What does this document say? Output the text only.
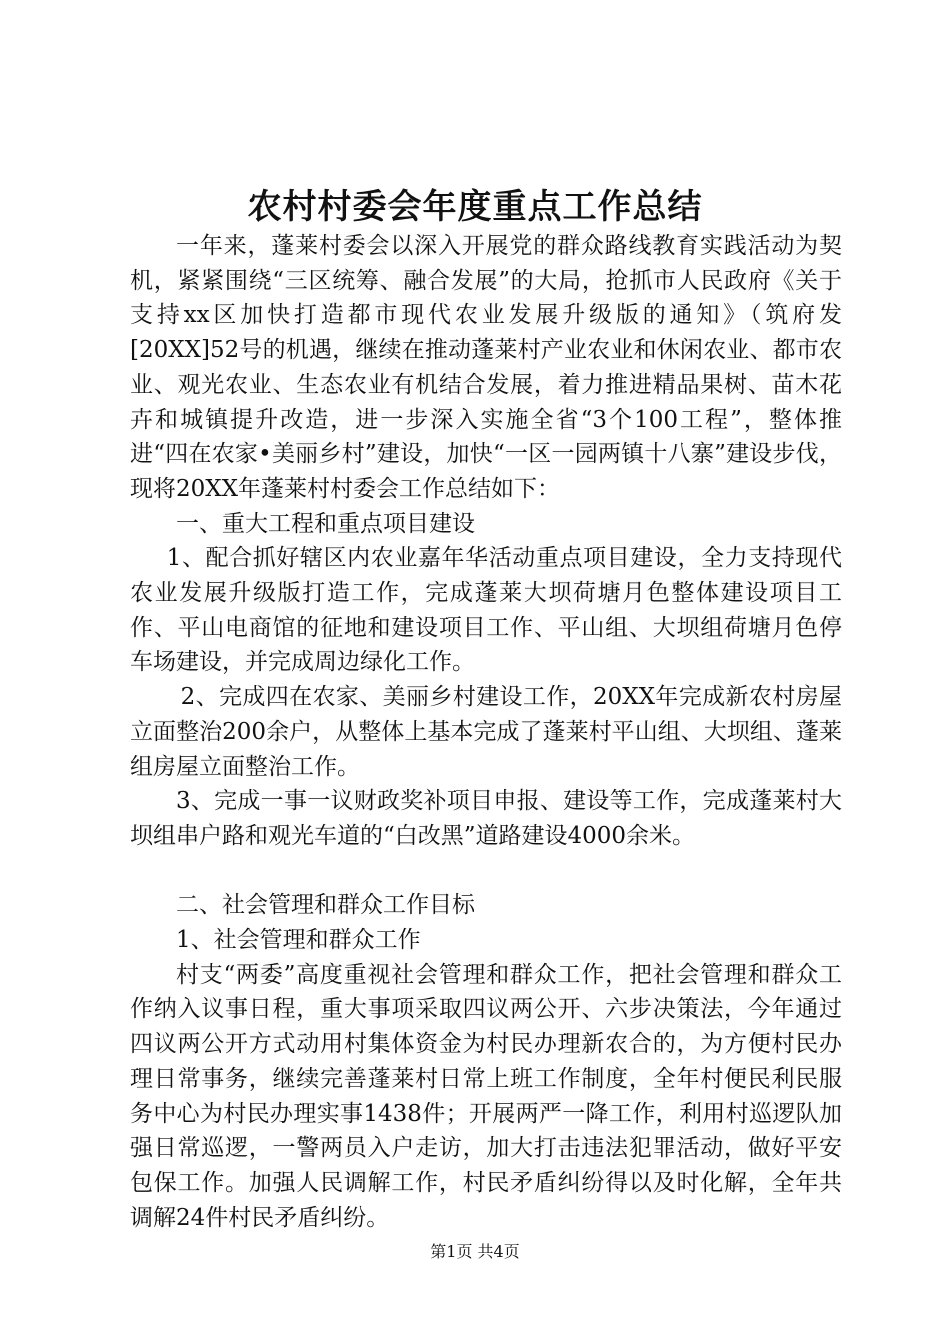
农村村委会年度重点工作总结

一年来，蓬莱村委会以深入开展党的群众路线教育实践活动为契机，紧紧围绕“三区统筹、融合发展”的大局，抢抓市人民政府《关于支持xx区加快打造都市现代农业发展升级版的通知》（筑府发[20XX]52号的机遇，继续在推动蓬莱村产业农业和休闲农业、都市农业、观光农业、生态农业有机结合发展，着力推进精品果树、苗木花卉和城镇提升改造，进一步深入实施全省“3个100工程”，整体推进“四在农家•美丽乡村”建设，加快“一区一园两镇十八寨”建设步伐，现将20XX年蓬莱村村委会工作总结如下：

一、重大工程和重点项目建设

1、配合抓好辖区内农业嘉年华活动重点项目建设，全力支持现代农业发展升级版打造工作，完成蓬莱大坝荷塘月色整体建设项目工作、平山电商馆的征地和建设项目工作、平山组、大坝组荷塘月色停车场建设，并完成周边绿化工作。

2、完成四在农家、美丽乡村建设工作，20XX年完成新农村房屋立面整治200余户，从整体上基本完成了蓬莱村平山组、大坝组、蓬莱组房屋立面整治工作。

3、完成一事一议财政奖补项目申报、建设等工作，完成蓬莱村大坝组串户路和观光车道的“白改黑”道路建设4000余米。

二、社会管理和群众工作目标

1、社会管理和群众工作

村支“两委”高度重视社会管理和群众工作，把社会管理和群众工作纳入议事日程，重大事项采取四议两公开、六步决策法，今年通过四议两公开方式动用村集体资金为村民办理新农合的，为方便村民办理日常事务，继续完善蓬莱村日常上班工作制度，全年村便民利民服务中心为村民办理实事1438件；开展两严一降工作，利用村巡逻队加强日常巡逻，一警两员入户走访，加大打击违法犯罪活动，做好平安包保工作。加强人民调解工作，村民矛盾纠纷得以及时化解，全年共调解24件村民矛盾纠纷。

第1页 共4页
